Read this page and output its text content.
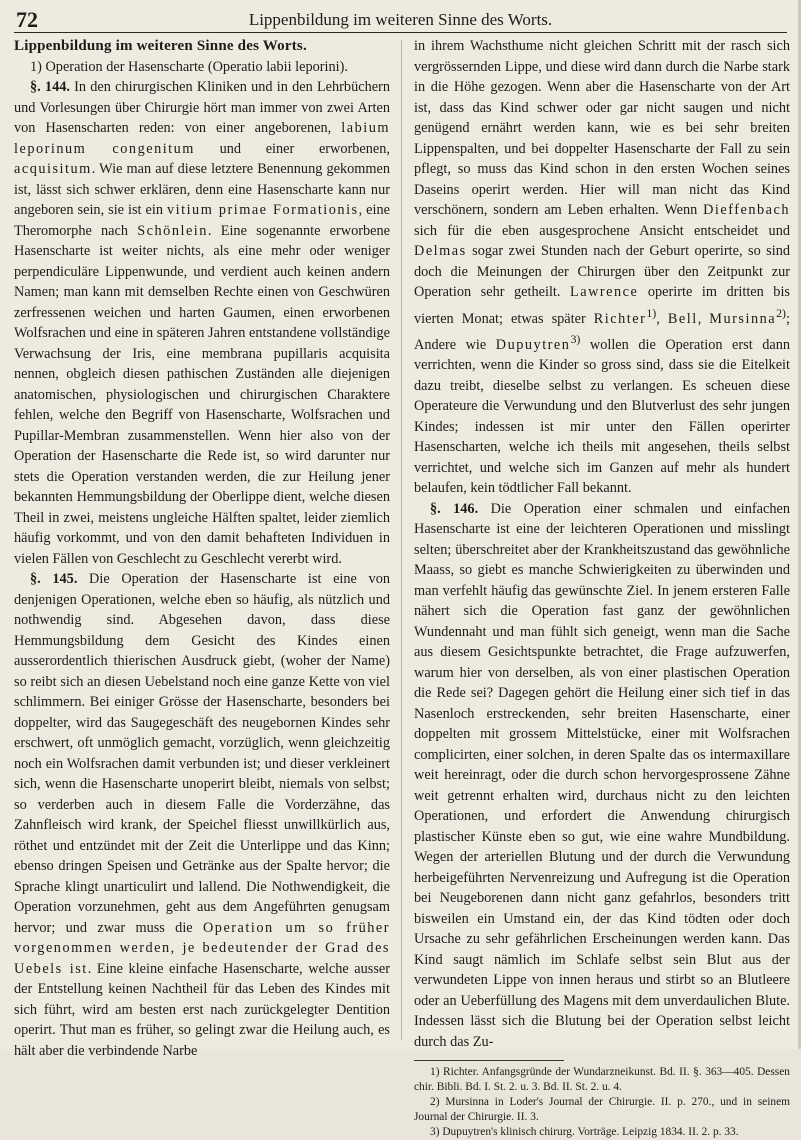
72	Lippenbildung im weiteren Sinne des Worts.

Lippenbildung im weiteren Sinne des Worts.

1) Operation der Hasenscharte (Operatio labii leporini).

§. 144. In den chirurgischen Kliniken und in den Lehrbüchern und Vorlesungen über Chirurgie hört man immer von zwei Arten von Hasenscharten reden: von einer angeborenen, labium leporinum congenitum und einer erworbenen, acquisitum. Wie man auf diese letztere Benennung gekommen ist, lässt sich schwer erklären, denn eine Hasenscharte kann nur angeboren sein, sie ist ein vitium primae Formationis, eine Theromorphe nach Schönlein. Eine sogenannte erworbene Hasenscharte ist weiter nichts, als eine mehr oder weniger perpendiculäre Lippenwunde, und verdient auch keinen andern Namen; man kann mit demselben Rechte einen von Geschwüren zerfressenen weichen und harten Gaumen, einen erworbenen Wolfsrachen und eine in späteren Jahren entstandene vollständige Verwachsung der Iris, eine membrana pupillaris acquisita nennen, obgleich diesen pathischen Zuständen alle diejenigen anatomischen, physiologischen und chirurgischen Charaktere fehlen, welche den Begriff von Hasenscharte, Wolfsrachen und Pupillar-Membran zusammenstellen. Wenn hier also von der Operation der Hasenscharte die Rede ist, so wird darunter nur stets die Operation verstanden werden, die zur Heilung jener bekannten Hemmungsbildung der Oberlippe dient, welche diesen Theil in zwei, meistens ungleiche Hälften spaltet, leider ziemlich häufig vorkommt, und von den damit behafteten Individuen in vielen Fällen von Geschlecht zu Geschlecht vererbt wird.

§. 145. Die Operation der Hasenscharte ist eine von denjenigen Operationen, welche eben so häufig, als nützlich und nothwendig sind. Abgesehen davon, dass diese Hemmungsbildung dem Gesicht des Kindes einen ausserordentlich thierischen Ausdruck giebt, (woher der Name) so reibt sich an diesen Uebelstand noch eine ganze Kette von viel schlimmern. Bei einiger Grösse der Hasenscharte, besonders bei doppelter, wird das Saugegeschäft des neugebornen Kindes sehr erschwert, oft unmöglich gemacht, vorzüglich, wenn gleichzeitig noch ein Wolfsrachen damit verbunden ist; und dieser verkleinert sich, wenn die Hasenscharte unoperirt bleibt, niemals von selbst; so verderben auch in diesem Falle die Vorderzähne, das Zahnfleisch wird krank, der Speichel fliesst unwillkürlich aus, röthet und entzündet mit der Zeit die Unterlippe und das Kinn; ebenso dringen Speisen und Getränke aus der Spalte hervor; die Sprache klingt unarticulirt und lallend. Die Nothwendigkeit, die Operation vorzunehmen, geht aus dem Angeführten genugsam hervor; und zwar muss die Operation um so früher vorgenommen werden, je bedeutender der Grad des Uebels ist. Eine kleine einfache Hasenscharte, welche ausser der Entstellung keinen Nachtheil für das Leben des Kindes mit sich führt, wird am besten erst nach zurückgelegter Dentition operirt. Thut man es früher, so gelingt zwar die Heilung auch, es hält aber die verbindende Narbe

in ihrem Wachsthume nicht gleichen Schritt mit der rasch sich vergrössernden Lippe, und diese wird dann durch die Narbe stark in die Höhe gezogen. Wenn aber die Hasenscharte von der Art ist, dass das Kind schwer oder gar nicht saugen und nicht genügend ernährt werden kann, wie es bei sehr breiten Lippenspalten, und bei doppelter Hasenscharte der Fall zu sein pflegt, so muss das Kind schon in den ersten Wochen seines Daseins operirt werden. Hier will man nicht das Kind verschönern, sondern am Leben erhalten. Wenn Dieffenbach sich für die eben ausgesprochene Ansicht entscheidet und Delmas sogar zwei Stunden nach der Geburt operirte, so sind doch die Meinungen der Chirurgen über den Zeitpunkt zur Operation sehr getheilt. Lawrence operirte im dritten bis vierten Monat; etwas später Richter$^{1)}$, Bell, Mursinna$^{2)}$; Andere wie Dupuytren$^{3)}$ wollen die Operation erst dann verrichten, wenn die Kinder so gross sind, dass sie die Eitelkeit dazu treibt, dieselbe selbst zu verlangen. Es scheuen diese Operateure die Verwundung und den Blutverlust des sehr jungen Kindes; indessen ist mir unter den Fällen operirter Hasenscharten, welche ich theils mit angesehen, theils selbst verrichtet, und welche sich im Ganzen auf mehr als hundert belaufen, kein tödtlicher Fall bekannt.

§. 146. Die Operation einer schmalen und einfachen Hasenscharte ist eine der leichteren Operationen und misslingt selten; überschreitet aber der Krankheitszustand das gewöhnliche Maass, so giebt es manche Schwierigkeiten zu überwinden und man verfehlt häufig das gewünschte Ziel. In jenem ersteren Falle nähert sich die Operation fast ganz der gewöhnlichen Wundennaht und man fühlt sich geneigt, wenn man die Sache aus diesem Gesichtspunkte betrachtet, die Frage aufzuwerfen, warum hier von derselben, als von einer plastischen Operation die Rede sei? Dagegen gehört die Heilung einer sich tief in das Nasenloch erstreckenden, sehr breiten Hasenscharte, einer doppelten mit grossem Mittelstücke, einer mit Wolfsrachen complicirten, einer solchen, in deren Spalte das os intermaxillare weit hereinragt, oder die durch schon hervorgesprossene Zähne weit getrennt erhalten wird, durchaus nicht zu den leichten Operationen, und erfordert die Anwendung chirurgisch plastischer Künste eben so gut, wie eine wahre Mundbildung. Wegen der arteriellen Blutung und der durch die Verwundung herbeigeführten Nervenreizung und Aufregung ist die Operation bei Neugeborenen dann nicht ganz gefahrlos, besonders tritt bisweilen ein Umstand ein, der das Kind tödten oder doch Ursache zu sehr gefährlichen Erscheinungen werden kann. Das Kind saugt nämlich im Schlafe selbst sein Blut aus der verwundeten Lippe von innen heraus und stirbt so an Blutleere oder an Ueberfüllung des Magens mit dem unverdaulichen Blute. Indessen lässt sich die Blutung bei der Operation selbst leicht durch das Zu-

1) Richter. Anfangsgründe der Wundarzneikunst. Bd. II. §. 363—405. Dessen chir. Bibli. Bd. I. St. 2. u. 3. Bd. II. St. 2. u. 4.

2) Mursinna in Loder's Journal der Chirurgie. II. p. 270., und in seinem Journal der Chirurgie. II. 3.

3) Dupuytren's klinisch chirurg. Vorträge. Leipzig 1834. II. 2. p. 33.
